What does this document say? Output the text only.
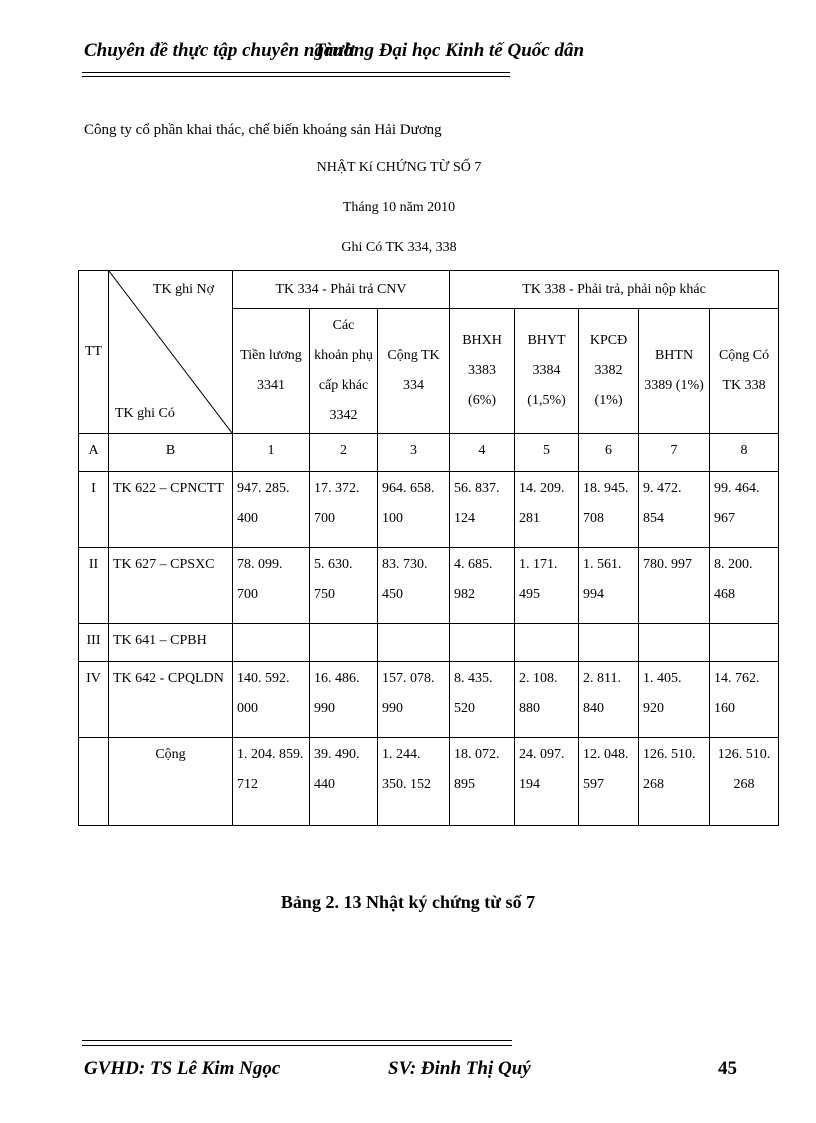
Chuyên đề thực tập chuyên ngành
Trường Đại học Kinh tế Quốc dân
Công ty cổ phần khai thác, chế biến khoáng sản Hải Dương
NHẬT Kí CHỨNG TỪ SỐ 7
Tháng 10 năm 2010
Ghi Có TK 334, 338
TT	TK ghi Nợ
TK ghi Có	TK 334 - Phải trả CNV			TK 338 - Phải trả, phải nộp khác				
		Tiền lương 3341	Các khoản phụ cấp khác 3342	Cộng TK 334	BHXH 3383 (6%)	BHYT 3384 (1,5%)	KPCĐ 3382 (1%)	BHTN 3389 (1%)	Cộng Có TK 338
A	B	1	2	3	4	5	6	7	8
I	TK 622 – CPNCTT	947. 285. 400	17. 372. 700	964. 658. 100	56. 837. 124	14. 209. 281	18. 945. 708	9. 472. 854	99. 464. 967
II	TK 627 – CPSXC	78. 099. 700	5. 630. 750	83. 730. 450	4. 685. 982	1. 171. 495	1. 561. 994	780. 997	8. 200. 468
III	TK 641 – CPBH								
IV	TK 642 - CPQLDN	140. 592. 000	16. 486. 990	157. 078. 990	8. 435. 520	2. 108. 880	2. 811. 840	1. 405. 920	14. 762. 160
	Cộng	1. 204. 859. 712	39. 490. 440	1. 244. 350. 152	18. 072. 895	24. 097. 194	12. 048. 597	126. 510. 268	126. 510. 268
Bảng 2. 13 Nhật ký chứng từ số 7
GVHD: TS Lê Kim Ngọc	SV: Đinh Thị Quý	45
